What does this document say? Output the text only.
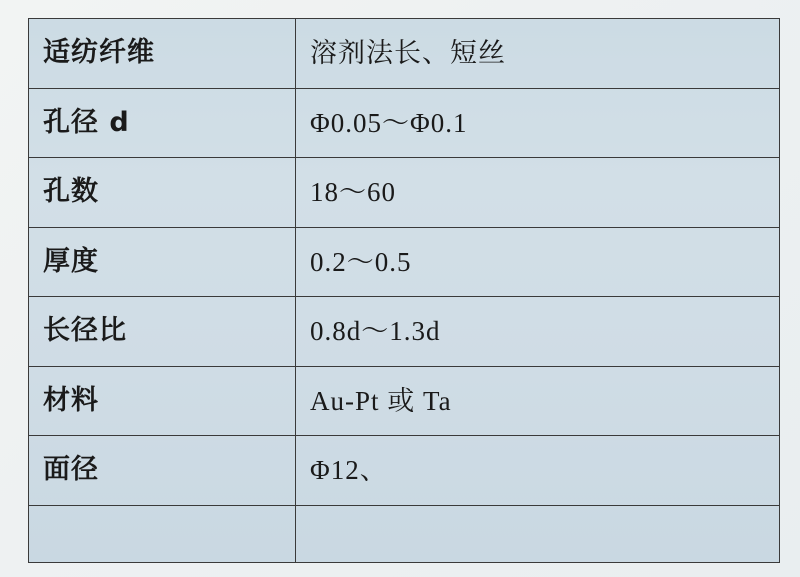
适纺纤维	溶剂法长、短丝
孔径 d	Φ0.05～Φ0.1
孔数	18～60
厚度	0.2～0.5
长径比	0.8d～1.3d
材料	Au-Pt 或 Ta
面径	Φ12、
